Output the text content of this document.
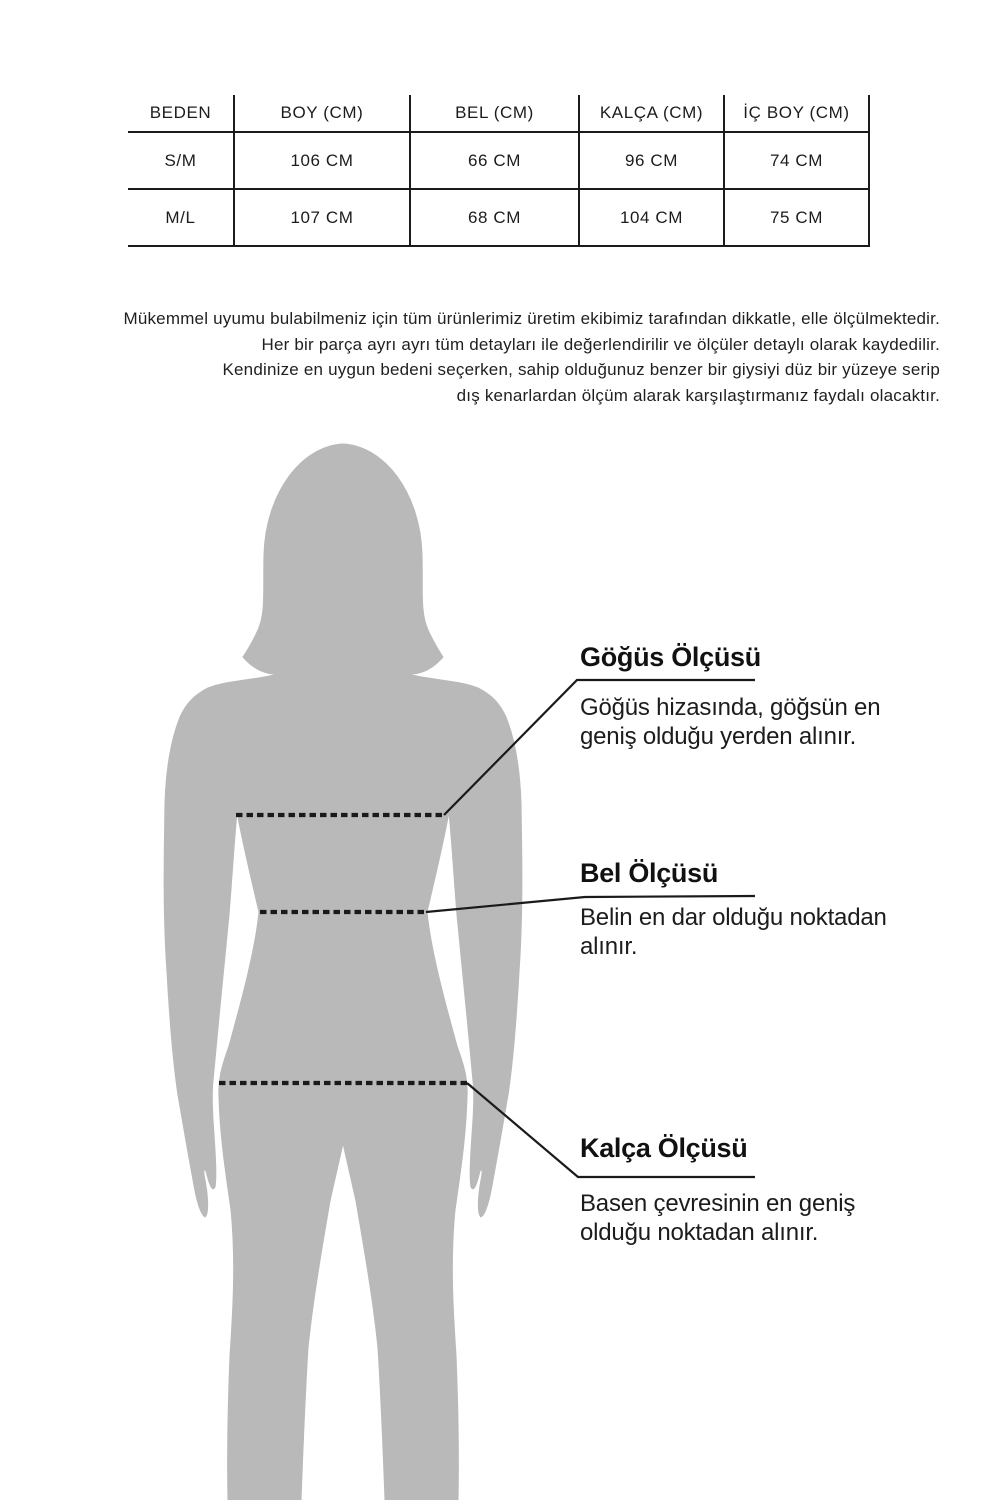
BEDEN	BOY (CM)	BEL (CM)	KALÇA (CM)	İÇ BOY (CM)
S/M	106 CM	66 CM	96 CM	74 CM
M/L	107 CM	68 CM	104 CM	75 CM
Mükemmel uyumu bulabilmeniz için tüm ürünlerimiz üretim ekibimiz tarafından dikkatle, elle ölçülmektedir.
Her bir parça ayrı ayrı tüm detayları ile değerlendirilir ve ölçüler detaylı olarak kaydedilir.
Kendinize en uygun bedeni seçerken, sahip olduğunuz benzer bir giysiyi düz bir yüzeye serip
dış kenarlardan ölçüm alarak karşılaştırmanız faydalı olacaktır.
Göğüs Ölçüsü
Göğüs hizasında, göğsün en
geniş olduğu yerden alınır.
Bel Ölçüsü
Belin en dar olduğu noktadan
alınır.
Kalça Ölçüsü
Basen çevresinin en geniş
olduğu noktadan alınır.
